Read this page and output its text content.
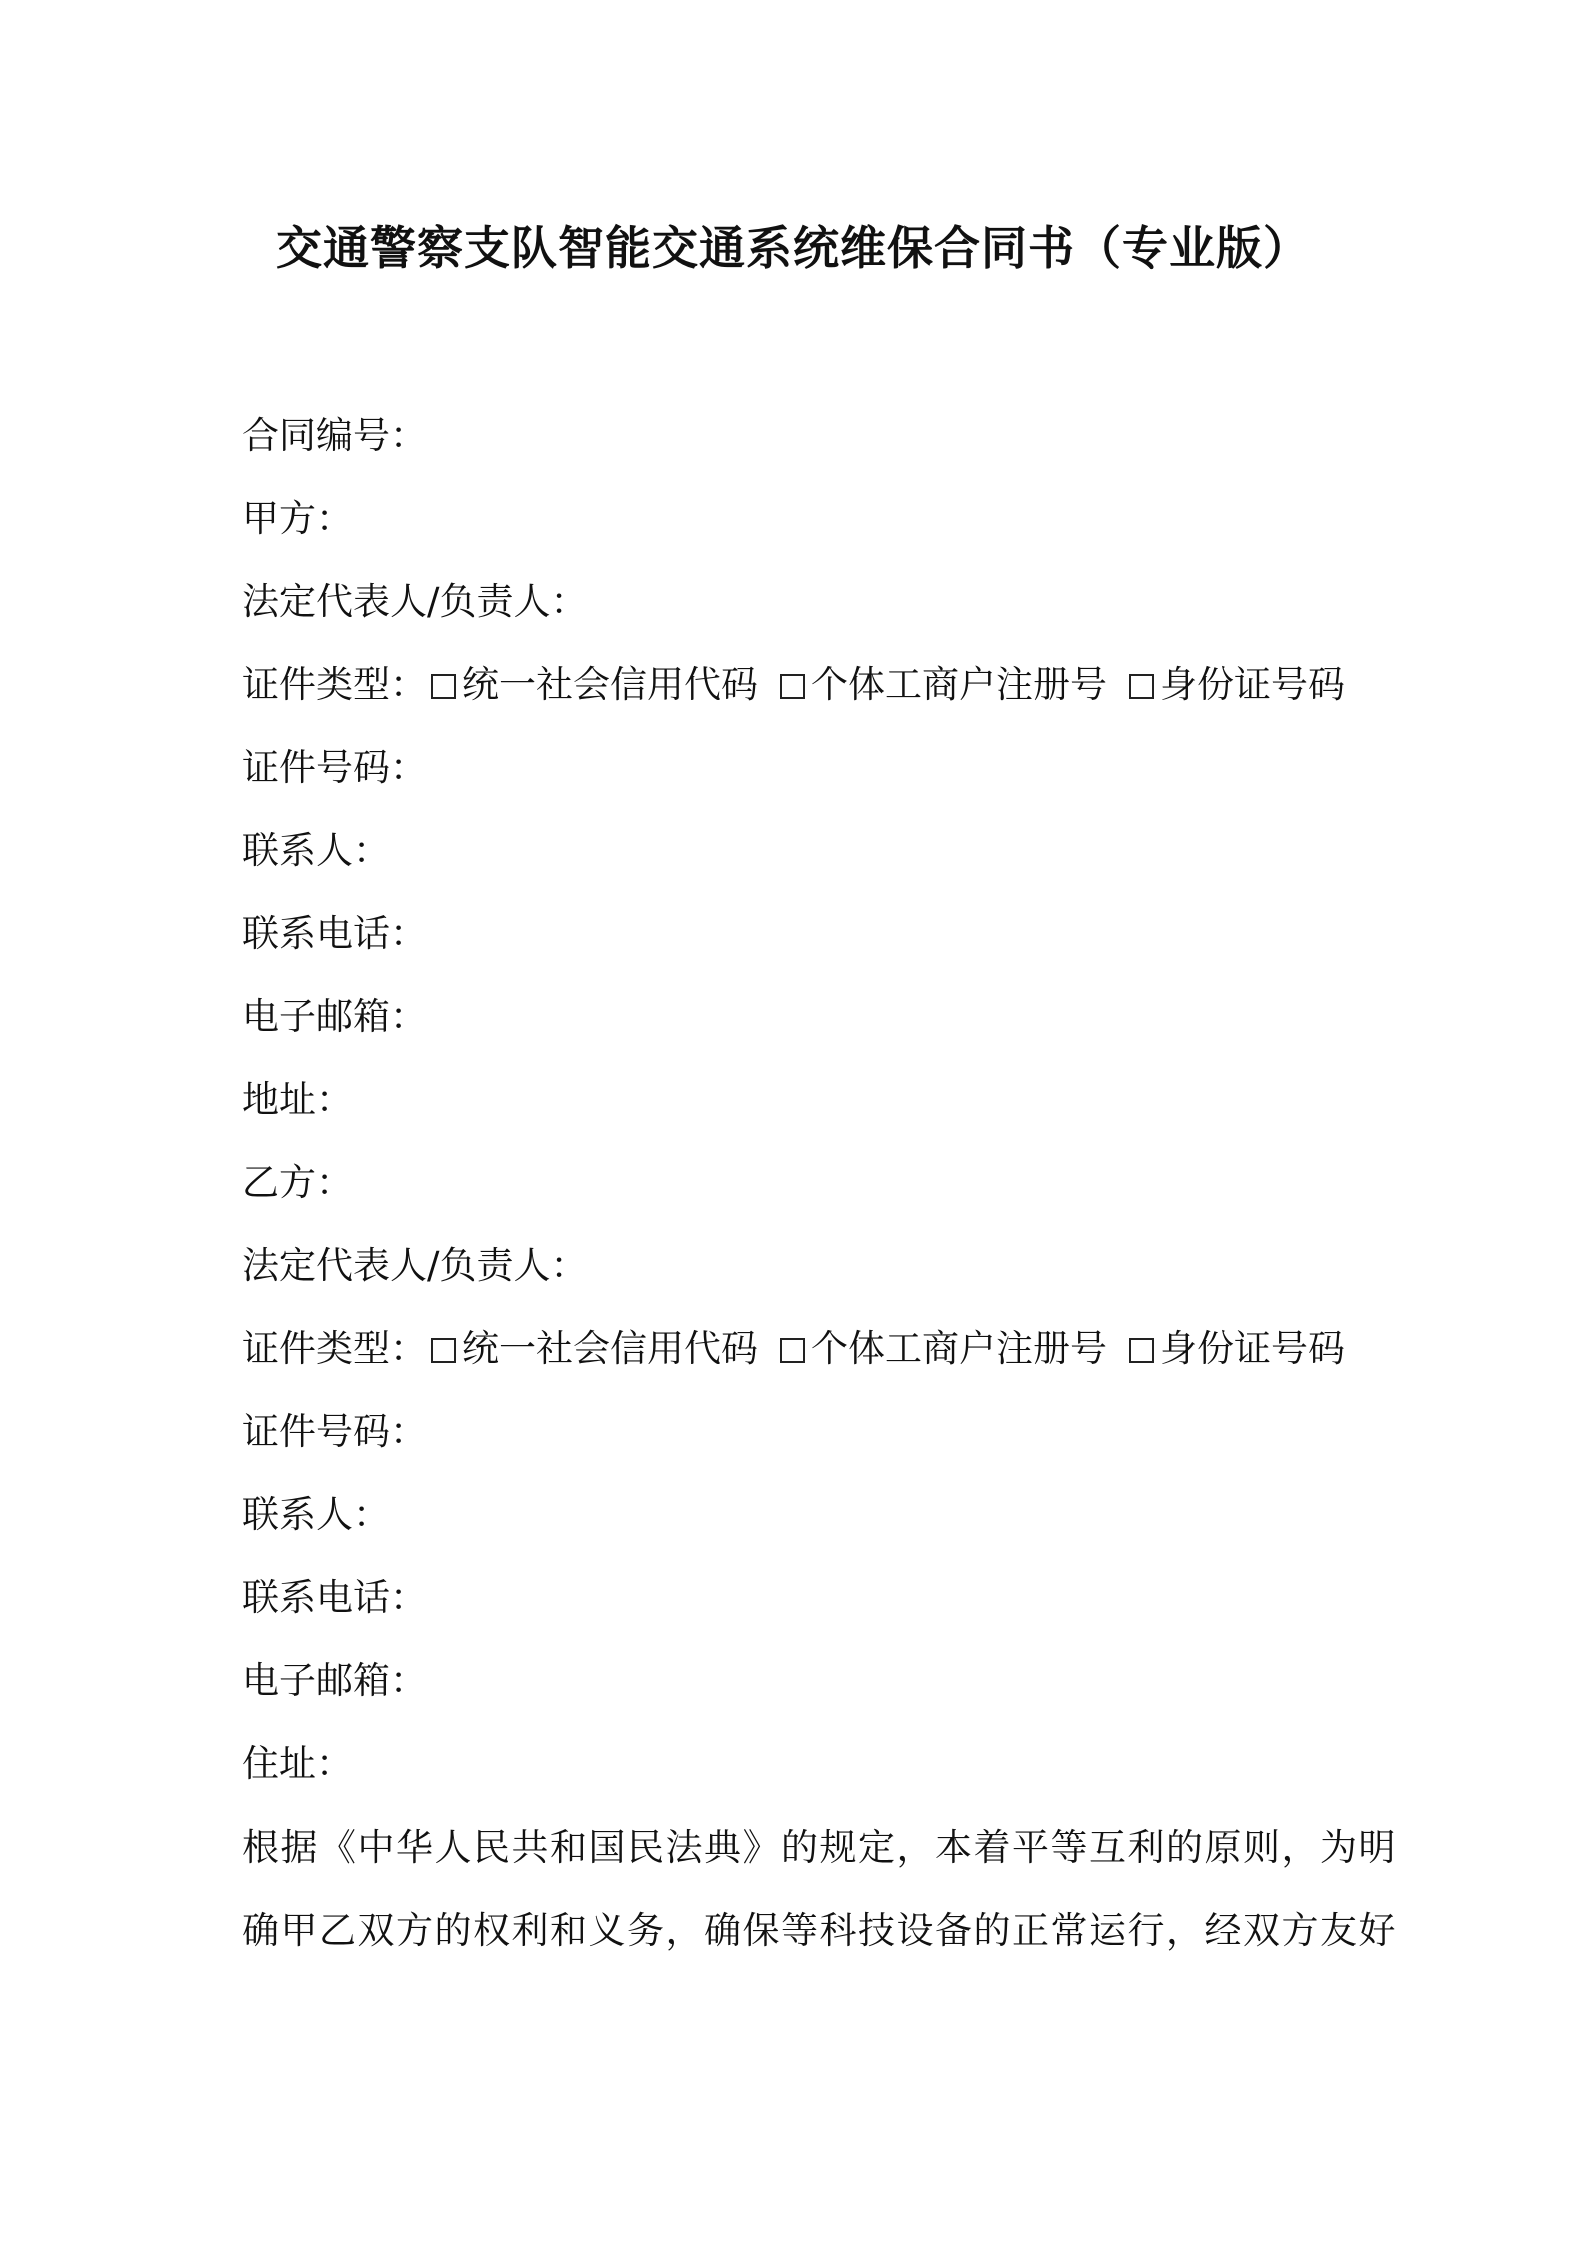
交通警察支队智能交通系统维保合同书（专业版）
合同编号：
甲方：
法定代表人/负责人：
证件类型： 统一社会信用代码 个体工商户注册号 身份证号码
证件号码：
联系人：
联系电话：
电子邮箱：
地址：
乙方：
法定代表人/负责人：
证件类型： 统一社会信用代码 个体工商户注册号 身份证号码
证件号码：
联系人：
联系电话：
电子邮箱：
住址：
根据《中华人民共和国民法典》的规定，本着平等互利的原则，为明
确甲乙双方的权利和义务，确保等科技设备的正常运行，经双方友好
